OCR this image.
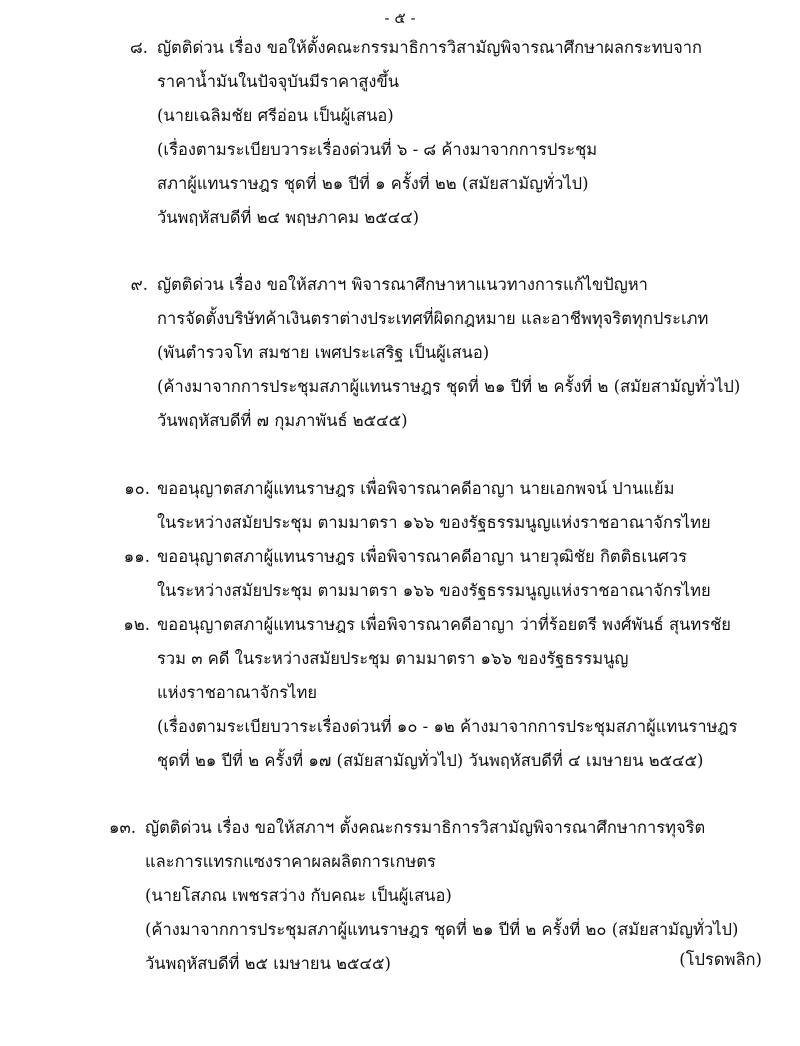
- ๕ -
๘. ญัตติด่วน เรื่อง ขอให้ตั้งคณะกรรมาธิการวิสามัญพิจารณาศึกษาผลกระทบจาก
ราคาน้ำมันในปัจจุบันมีราคาสูงขึ้น
(นายเฉลิมชัย ศรีอ่อน เป็นผู้เสนอ)
(เรื่องตามระเบียบวาระเรื่องด่วนที่ ๖ - ๘ ค้างมาจากการประชุม
สภาผู้แทนราษฎร ชุดที่ ๒๑ ปีที่ ๑ ครั้งที่ ๒๒ (สมัยสามัญทั่วไป)
วันพฤหัสบดีที่ ๒๔ พฤษภาคม ๒๕๔๔)
๙. ญัตติด่วน เรื่อง ขอให้สภาฯ พิจารณาศึกษาหาแนวทางการแก้ไขปัญหา
การจัดตั้งบริษัทค้าเงินตราต่างประเทศที่ผิดกฎหมาย และอาชีพทุจริตทุกประเภท
(พันตำรวจโท สมชาย เพศประเสริฐ เป็นผู้เสนอ)
(ค้างมาจากการประชุมสภาผู้แทนราษฎร ชุดที่ ๒๑ ปีที่ ๒ ครั้งที่ ๒ (สมัยสามัญทั่วไป)
วันพฤหัสบดีที่ ๗ กุมภาพันธ์ ๒๕๔๕)
๑๐. ขออนุญาตสภาผู้แทนราษฎร เพื่อพิจารณาคดีอาญา นายเอกพจน์ ปานแย้ม
ในระหว่างสมัยประชุม ตามมาตรา ๑๖๖ ของรัฐธรรมนูญแห่งราชอาณาจักรไทย
๑๑. ขออนุญาตสภาผู้แทนราษฎร เพื่อพิจารณาคดีอาญา นายวุฒิชัย กิตติธเนศวร
ในระหว่างสมัยประชุม ตามมาตรา ๑๖๖ ของรัฐธรรมนูญแห่งราชอาณาจักรไทย
๑๒. ขออนุญาตสภาผู้แทนราษฎร เพื่อพิจารณาคดีอาญา ว่าที่ร้อยตรี พงศ์พันธ์ สุนทรชัย
รวม ๓ คดี ในระหว่างสมัยประชุม ตามมาตรา ๑๖๖ ของรัฐธรรมนูญ
แห่งราชอาณาจักรไทย
(เรื่องตามระเบียบวาระเรื่องด่วนที่ ๑๐ - ๑๒ ค้างมาจากการประชุมสภาผู้แทนราษฎร
ชุดที่ ๒๑ ปีที่ ๒ ครั้งที่ ๑๗ (สมัยสามัญทั่วไป) วันพฤหัสบดีที่ ๔ เมษายน ๒๕๔๕)
๑๓. ญัตติด่วน เรื่อง ขอให้สภาฯ ตั้งคณะกรรมาธิการวิสามัญพิจารณาศึกษาการทุจริต
และการแทรกแซงราคาผลผลิตการเกษตร
(นายโสภณ เพชรสว่าง กับคณะ เป็นผู้เสนอ)
(ค้างมาจากการประชุมสภาผู้แทนราษฎร ชุดที่ ๒๑ ปีที่ ๒ ครั้งที่ ๒๐ (สมัยสามัญทั่วไป)
วันพฤหัสบดีที่ ๒๕ เมษายน ๒๕๔๕)	(โปรดพลิก)
